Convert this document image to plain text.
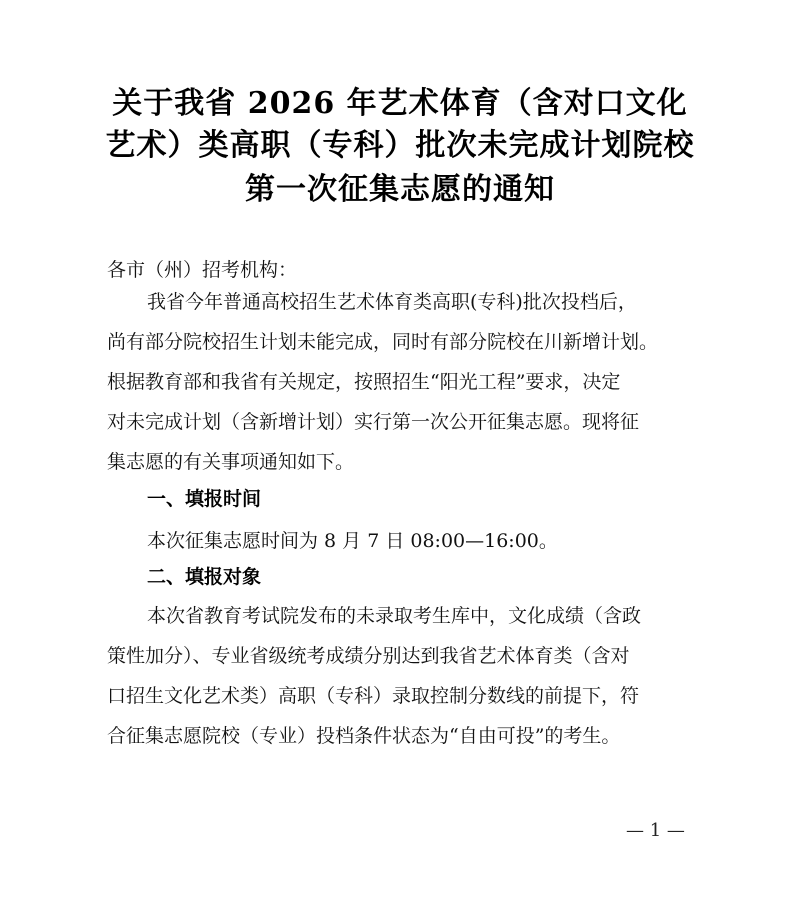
关于我省 2026 年艺术体育（含对口文化
艺术）类高职（专科）批次未完成计划院校
第一次征集志愿的通知
各市（州）招考机构：
我省今年普通高校招生艺术体育类高职(专科)批次投档后，
尚有部分院校招生计划未能完成，同时有部分院校在川新增计划。
根据教育部和我省有关规定，按照招生“阳光工程”要求，决定
对未完成计划（含新增计划）实行第一次公开征集志愿。现将征
集志愿的有关事项通知如下。
一、填报时间
本次征集志愿时间为 8 月 7 日 08:00—16:00。
二、填报对象
本次省教育考试院发布的未录取考生库中，文化成绩（含政
策性加分）、专业省级统考成绩分别达到我省艺术体育类（含对
口招生文化艺术类）高职（专科）录取控制分数线的前提下，符
合征集志愿院校（专业）投档条件状态为“自由可投”的考生。
— 1 —
